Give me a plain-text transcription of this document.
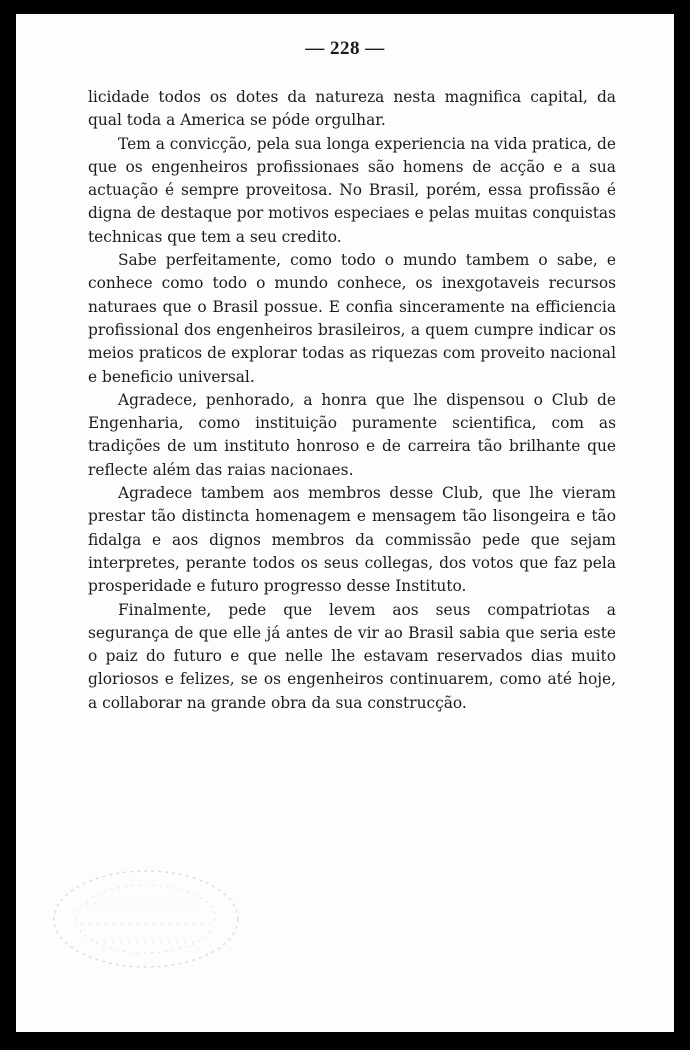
— 228 —

licidade todos os dotes da natureza nesta magnifica capital, da qual toda a America se póde orgulhar.

Tem a convicção, pela sua longa experiencia na vida pratica, de que os engenheiros profissionaes são homens de acção e a sua actuação é sempre proveitosa. No Brasil, porém, essa profissão é digna de destaque por motivos especiaes e pelas muitas conquistas technicas que tem a seu credito.

Sabe perfeitamente, como todo o mundo tambem o sabe, e conhece como todo o mundo conhece, os inexgotaveis recursos naturaes que o Brasil possue. E confia sinceramente na efficiencia profissional dos engenheiros brasileiros, a quem cumpre indicar os meios praticos de explorar todas as riquezas com proveito nacional e beneficio universal.

Agradece, penhorado, a honra que lhe dispensou o Club de Engenharia, como instituição puramente scientifica, com as tradições de um instituto honroso e de carreira tão brilhante que reflecte além das raias nacionaes.

Agradece tambem aos membros desse Club, que lhe vieram prestar tão distincta homenagem e mensagem tão lisongeira e tão fidalga e aos dignos membros da commissão pede que sejam interpretes, perante todos os seus collegas, dos votos que faz pela prosperidade e futuro progresso desse Instituto.

Finalmente, pede que levem aos seus compatriotas a segurança de que elle já antes de vir ao Brasil sabia que seria este o paiz do futuro e que nelle lhe estavam reservados dias muito gloriosos e felizes, se os engenheiros continuarem, como até hoje, a collaborar na grande obra da sua construcção.
